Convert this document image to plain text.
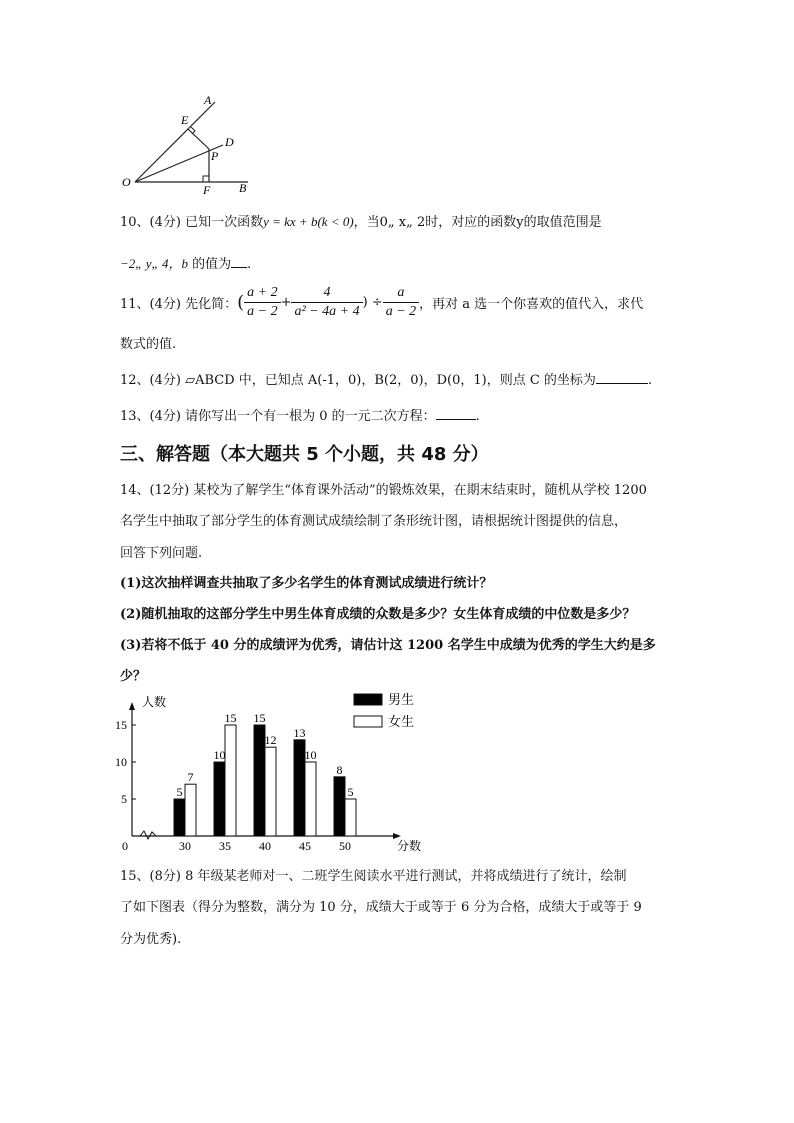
A
E
D
P
O
F B
10、(4分) 已知一次函数y = kx + b(k < 0)，当0„ x„ 2时，对应的函数y的取值范围是
−2„ y„ 4，b 的值为 .
11、(4分) 先化简：( $\frac{a + 2}{a - 2} + \frac{4}{\text{a² − 4a + 4}}$ ) ÷ $\frac{a}{a - 2}$ ，再对 a 选一个你喜欢的值代入，求代
数式的值.
12、(4分) ▱ABCD 中，已知点 A(-1，0)，B(2，0)，D(0，1)，则点 C 的坐标为	.
13、(4分) 请你写出一个有一根为 0 的一元二次方程：	.
三、解答题（本大题共 5 个小题，共 48 分）
14、(12分) 某校为了解学生“体育课外活动”的锻炼效果，在期末结束时，随机从学校 1200
名学生中抽取了部分学生的体育测试成绩绘制了条形统计图，请根据统计图提供的信息，
回答下列问题.
(1)这次抽样调查共抽取了多少名学生的体育测试成绩进行统计？
(2)随机抽取的这部分学生中男生体育成绩的众数是多少？女生体育成绩的中位数是多少？
(3)若将不低于 40 分的成绩评为优秀，请估计这 1200 名学生中成绩为优秀的学生大约是多
少？
5
10
15
0
人数
分数
30
5
7
35
10
15
40
15
12
45
13
10
50
8
5
男生
女生
15、(8分) 8 年级某老师对一、二班学生阅读水平进行测试，并将成绩进行了统计，绘制
了如下图表（得分为整数，满分为 10 分，成绩大于或等于 6 分为合格，成绩大于或等于 9
分为优秀).
